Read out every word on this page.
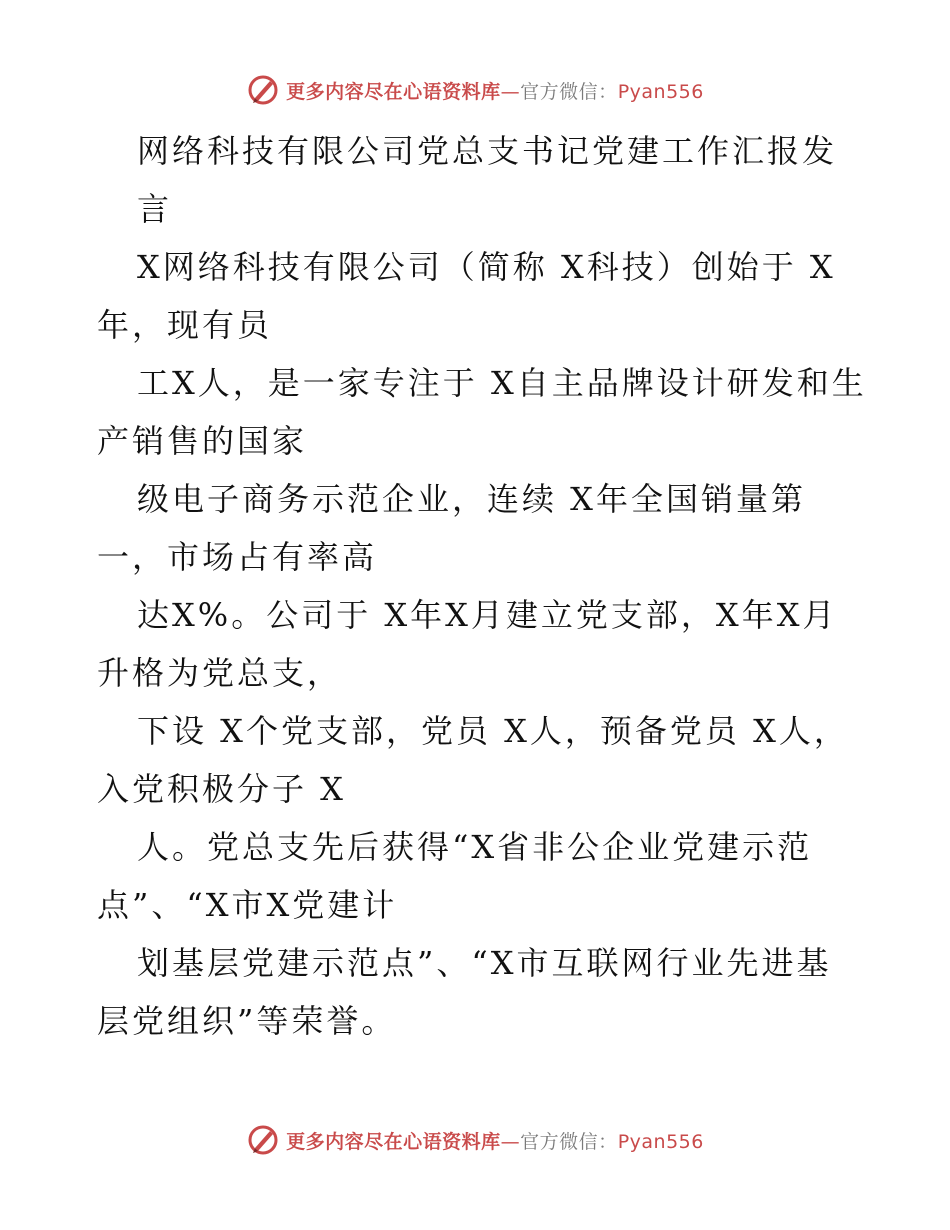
更多内容尽在心语资料库—官方微信：Pyan556
网络科技有限公司党总支书记党建工作汇报发
言
X网络科技有限公司（简称 X科技）创始于 X
年，现有员
工X人，是一家专注于 X自主品牌设计研发和生
产销售的国家
级电子商务示范企业，连续 X年全国销量第
一，市场占有率高
达X%。公司于 X年X月建立党支部，X年X月
升格为党总支，
下设 X个党支部，党员 X人，预备党员 X人，
入党积极分子 X
人。党总支先后获得“X省非公企业党建示范
点”、“X市X党建计
划基层党建示范点”、“X市互联网行业先进基
层党组织”等荣誉。
更多内容尽在心语资料库—官方微信：Pyan556
